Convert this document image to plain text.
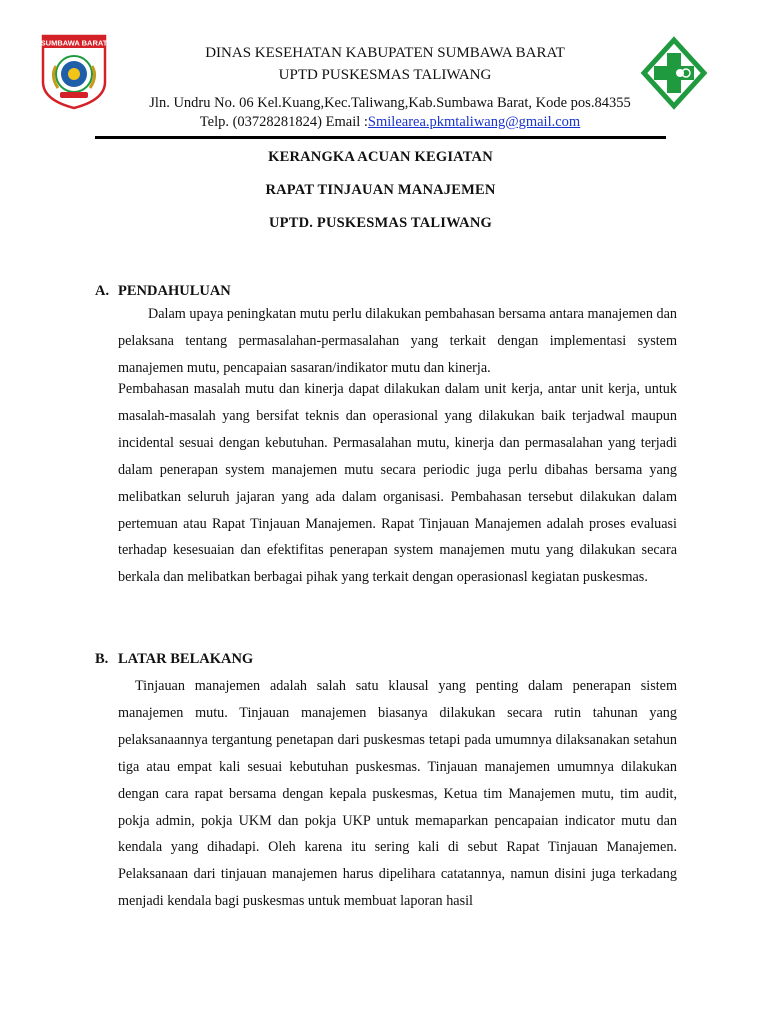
SUMBAWA BARAT
DINAS KESEHATAN KABUPATEN SUMBAWA BARAT
UPTD PUSKESMAS TALIWANG
Jln. Undru No. 06 Kel.Kuang,Kec.Taliwang,Kab.Sumbawa Barat, Kode pos.84355
Telp. (03728281824) Email :Smilearea.pkmtaliwang@gmail.com
KERANGKA ACUAN KEGIATAN
RAPAT TINJAUAN MANAJEMEN
UPTD. PUSKESMAS TALIWANG
A. PENDAHULUAN

Dalam upaya peningkatan mutu perlu dilakukan pembahasan bersama antara manajemen dan pelaksana tentang permasalahan-permasalahan yang terkait dengan implementasi system manajemen mutu, pencapaian sasaran/indikator mutu dan kinerja.

Pembahasan masalah mutu dan kinerja dapat dilakukan dalam unit kerja, antar unit kerja, untuk masalah-masalah yang bersifat teknis dan operasional yang dilakukan baik terjadwal maupun incidental sesuai dengan kebutuhan. Permasalahan mutu, kinerja dan permasalahan yang terjadi dalam penerapan system manajemen mutu secara periodic juga perlu dibahas bersama yang melibatkan seluruh jajaran yang ada dalam organisasi. Pembahasan tersebut dilakukan dalam pertemuan atau Rapat Tinjauan Manajemen. Rapat Tinjauan Manajemen adalah proses evaluasi terhadap kesesuaian dan efektifitas penerapan system manajemen mutu yang dilakukan secara berkala dan melibatkan berbagai pihak yang terkait dengan operasionasl kegiatan puskesmas.

B. LATAR BELAKANG

Tinjauan manajemen adalah salah satu klausal yang penting dalam penerapan sistem manajemen mutu. Tinjauan manajemen biasanya dilakukan secara rutin tahunan yang pelaksanaannya tergantung penetapan dari puskesmas tetapi pada umumnya dilaksanakan setahun tiga atau empat kali sesuai kebutuhan puskesmas. Tinjauan manajemen umumnya dilakukan dengan cara rapat bersama dengan kepala puskesmas, Ketua tim Manajemen mutu, tim audit, pokja admin, pokja UKM dan pokja UKP untuk memaparkan pencapaian indicator mutu dan kendala yang dihadapi. Oleh karena itu sering kali di sebut Rapat Tinjauan Manajemen. Pelaksanaan dari tinjauan manajemen harus dipelihara catatannya, namun disini juga terkadang menjadi kendala bagi puskesmas untuk membuat laporan hasil
